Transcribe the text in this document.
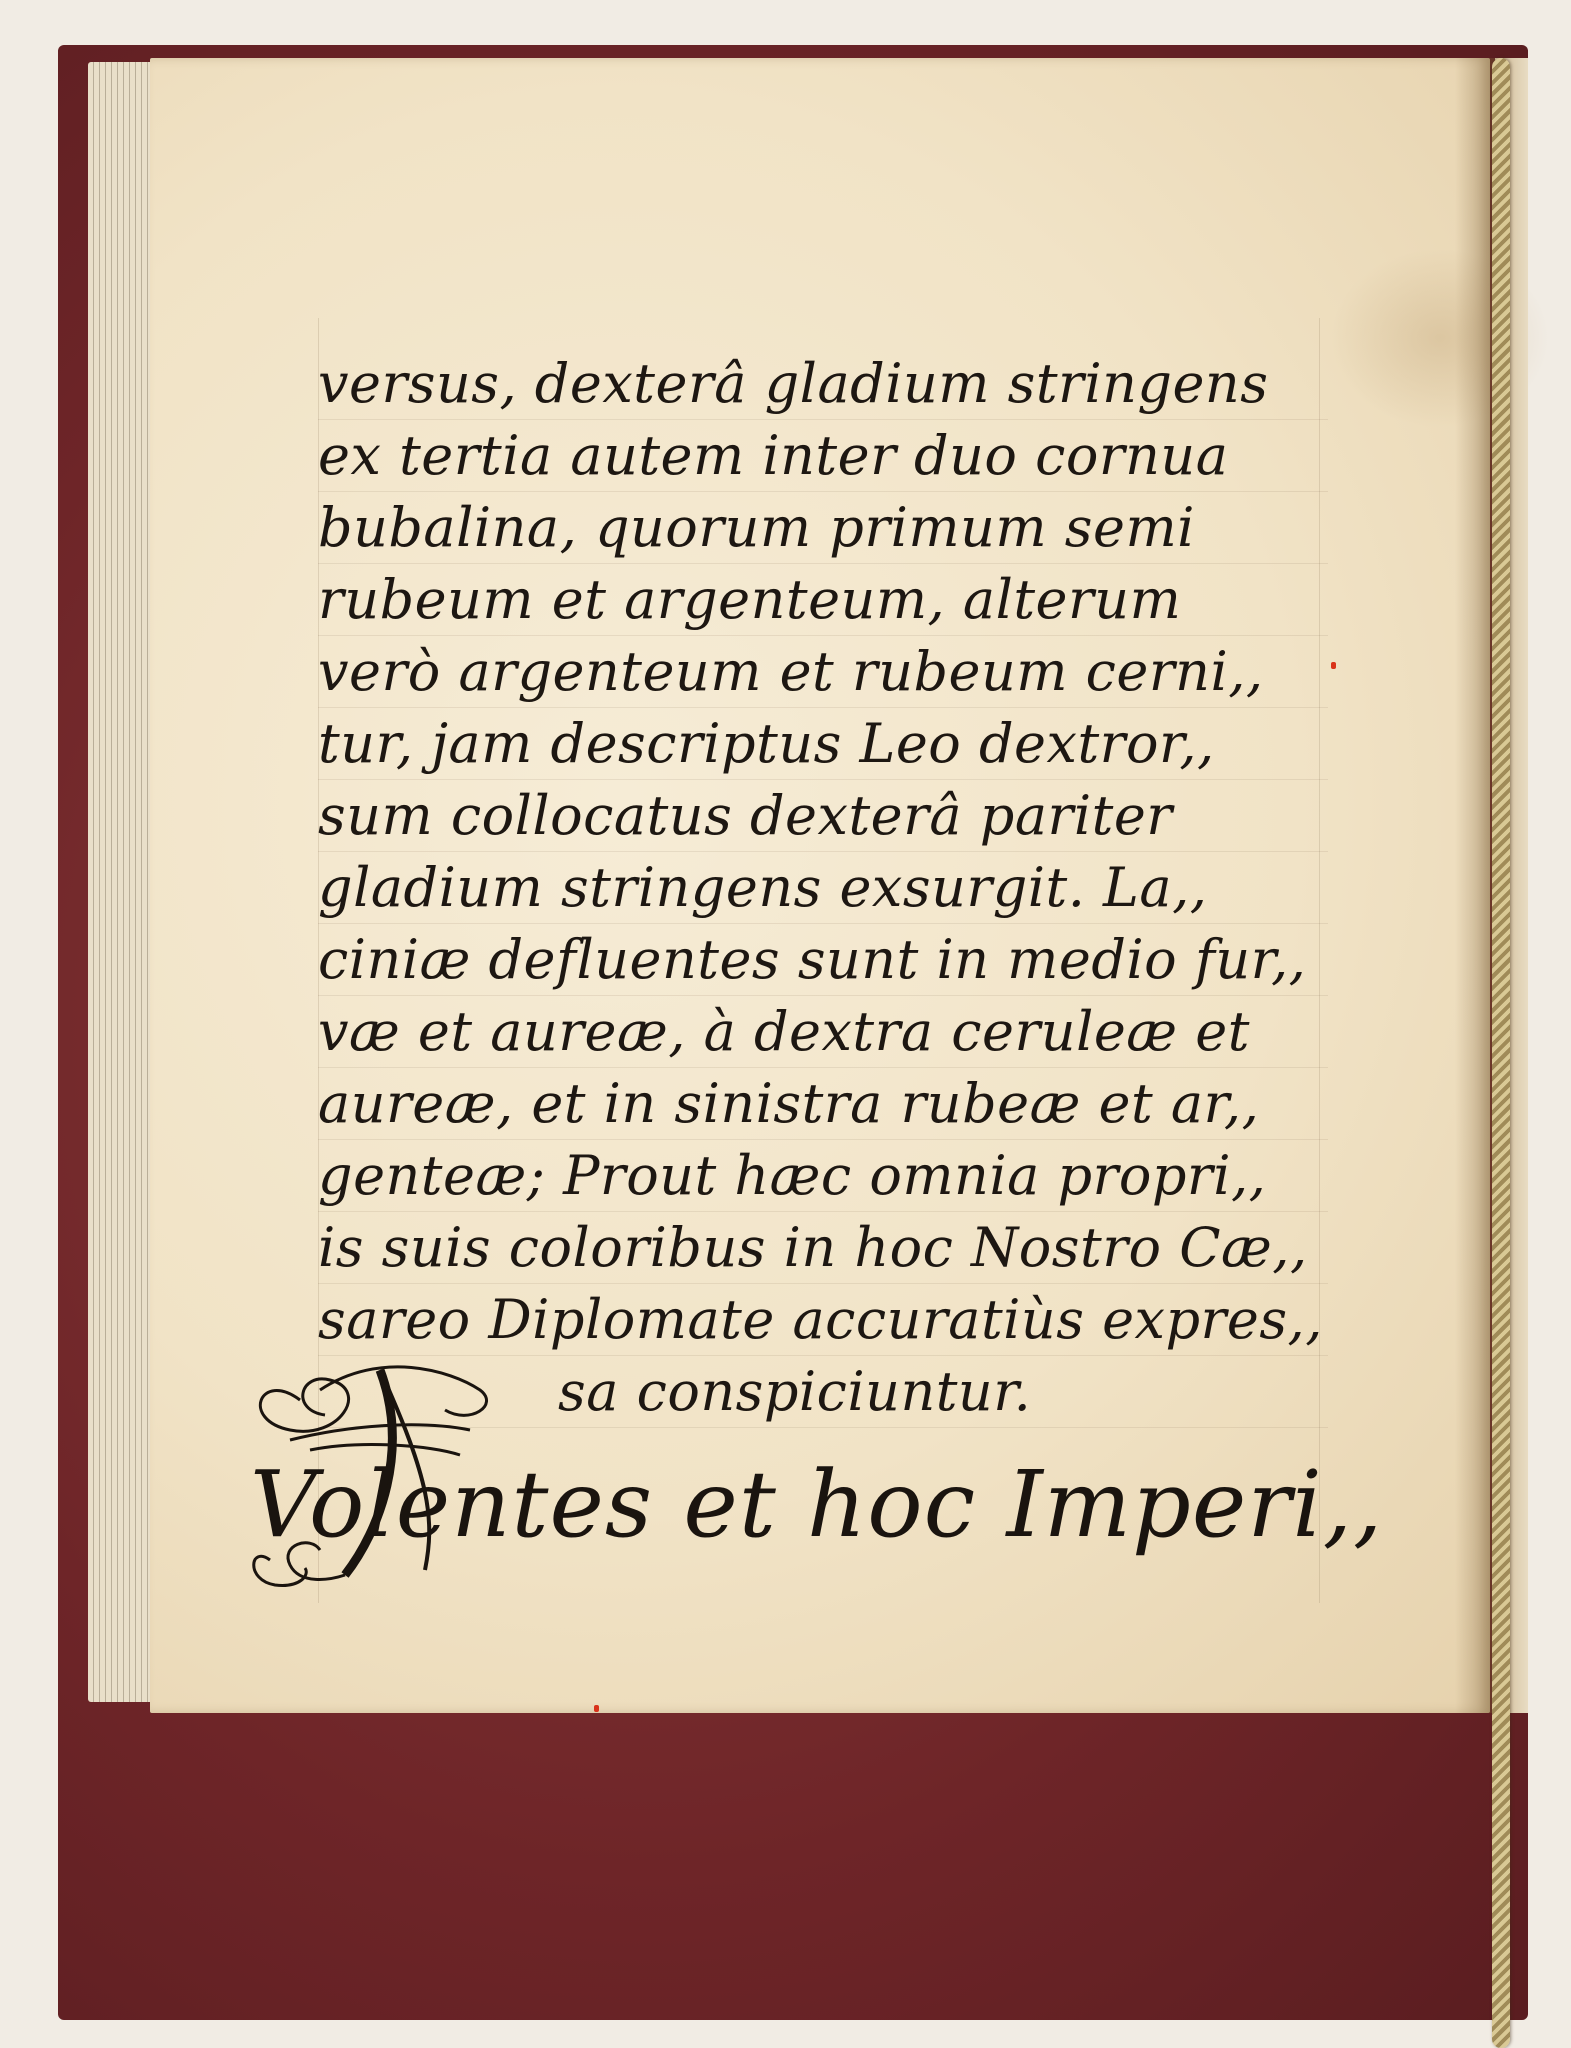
versus, dexterâ gladium stringens
ex tertia autem inter duo cornua
bubalina, quorum primum semi
rubeum et argenteum, alterum
verò argenteum et rubeum cerni,,
tur, jam descriptus Leo dextror,,
sum collocatus dexterâ pariter
gladium stringens exsurgit. La,,
ciniæ defluentes sunt in medio fur,,
væ et aureæ, à dextra ceruleæ et
aureæ, et in sinistra rubeæ et ar,,
genteæ; Prout hæc omnia propri,,
is suis coloribus in hoc Nostro Cæ,,
sareo Diplomate accuratiùs expres,,
sa conspiciuntur.
Volentes et hoc Imperi,,
